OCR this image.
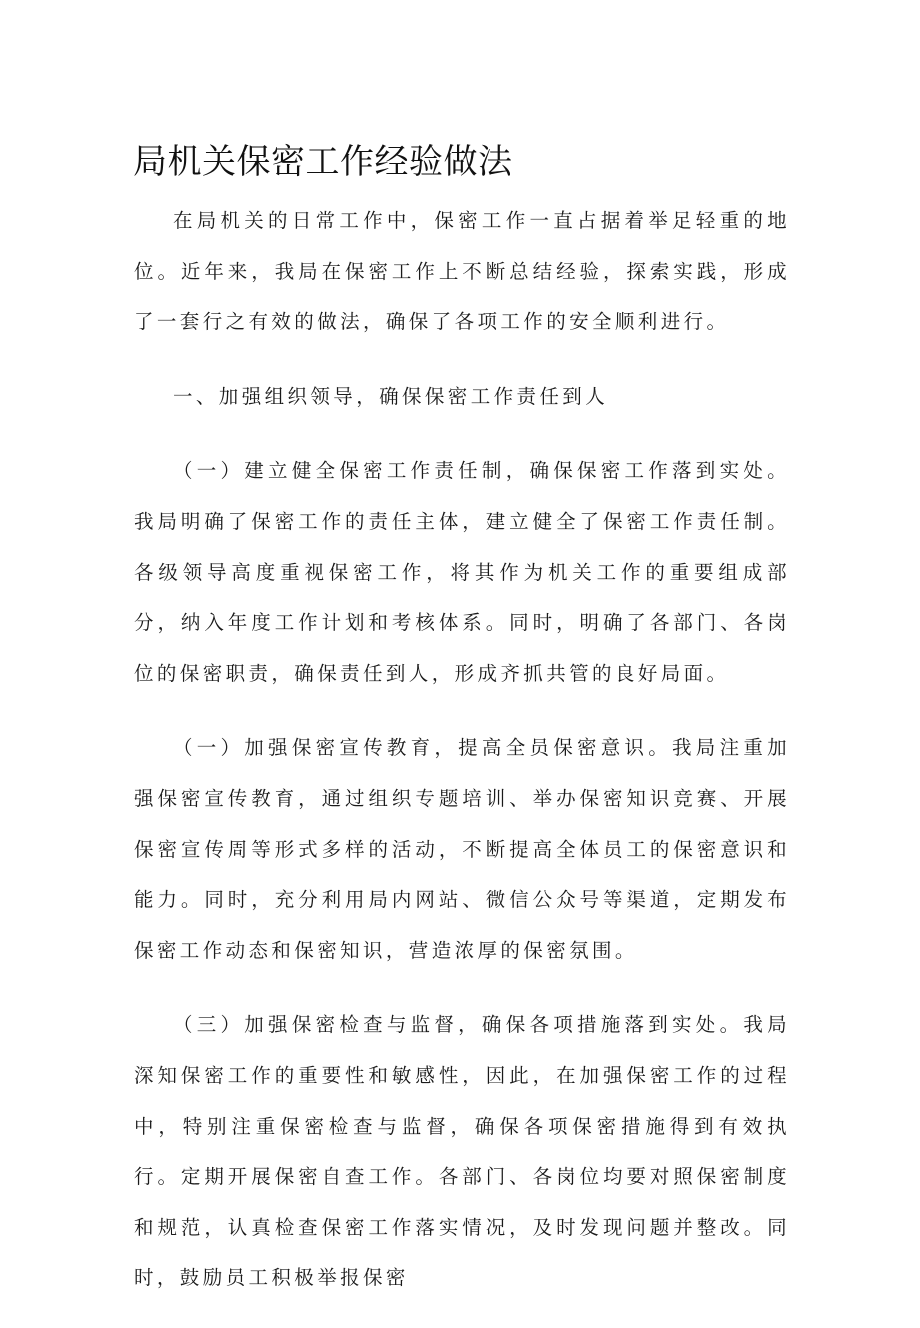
局机关保密工作经验做法

在局机关的日常工作中，保密工作一直占据着举足轻重的地位。近年来，我局在保密工作上不断总结经验，探索实践，形成了一套行之有效的做法，确保了各项工作的安全顺利进行。

一、加强组织领导，确保保密工作责任到人

（一）建立健全保密工作责任制，确保保密工作落到实处。我局明确了保密工作的责任主体，建立健全了保密工作责任制。各级领导高度重视保密工作，将其作为机关工作的重要组成部分，纳入年度工作计划和考核体系。同时，明确了各部门、各岗位的保密职责，确保责任到人，形成齐抓共管的良好局面。

（一）加强保密宣传教育，提高全员保密意识。我局注重加强保密宣传教育，通过组织专题培训、举办保密知识竞赛、开展保密宣传周等形式多样的活动，不断提高全体员工的保密意识和能力。同时，充分利用局内网站、微信公众号等渠道，定期发布保密工作动态和保密知识，营造浓厚的保密氛围。

（三）加强保密检查与监督，确保各项措施落到实处。我局深知保密工作的重要性和敏感性，因此，在加强保密工作的过程中，特别注重保密检查与监督，确保各项保密措施得到有效执行。定期开展保密自查工作。各部门、各岗位均要对照保密制度和规范，认真检查保密工作落实情况，及时发现问题并整改。同时，鼓励员工积极举报保密
